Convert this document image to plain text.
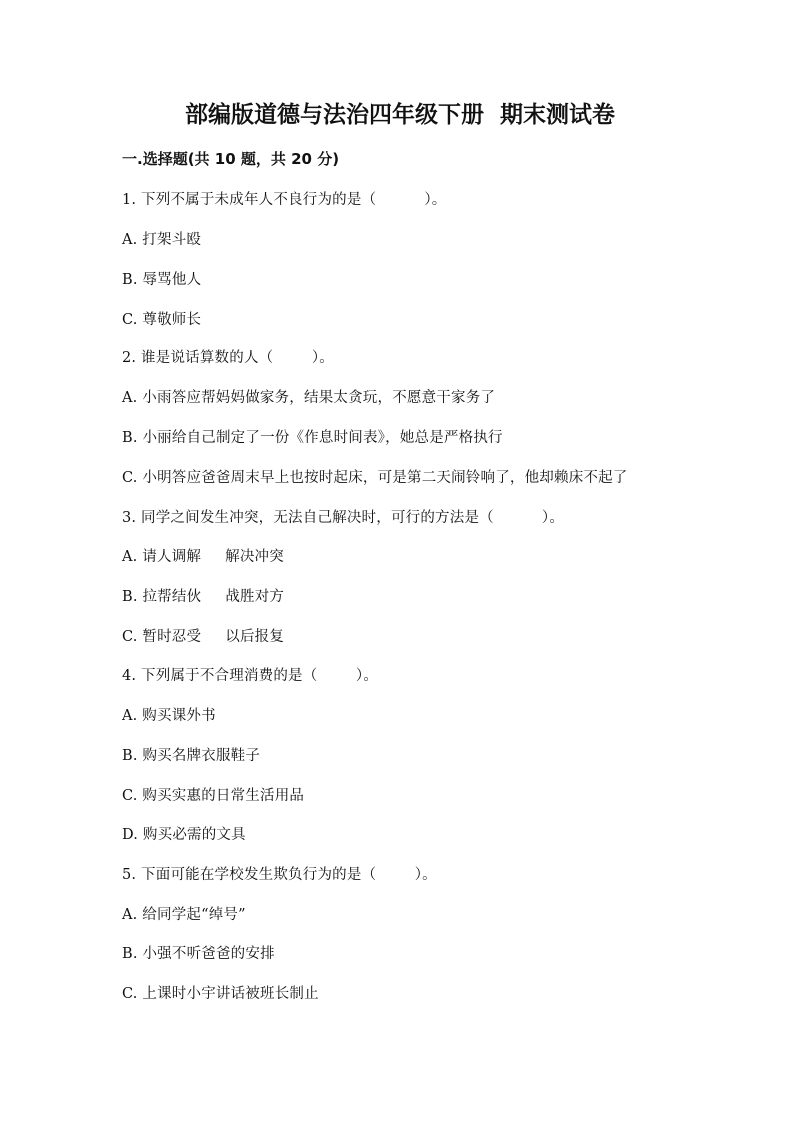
部编版道德与法治四年级下册  期末测试卷
一.选择题(共 10 题，共 20 分)
1. 下列不属于未成年人不良行为的是（          ）。
A. 打架斗殴
B. 辱骂他人
C. 尊敬师长
2. 谁是说话算数的人（        ）。
A. 小雨答应帮妈妈做家务，结果太贪玩，不愿意干家务了
B. 小丽给自己制定了一份《作息时间表》，她总是严格执行
C. 小明答应爸爸周末早上也按时起床，可是第二天闹铃响了，他却赖床不起了
3. 同学之间发生冲突，无法自己解决时，可行的方法是（          ）。
A. 请人调解     解决冲突
B. 拉帮结伙     战胜对方
C. 暂时忍受     以后报复
4. 下列属于不合理消费的是（        ）。
A. 购买课外书
B. 购买名牌衣服鞋子
C. 购买实惠的日常生活用品
D. 购买必需的文具
5. 下面可能在学校发生欺负行为的是（        ）。
A. 给同学起“绰号”
B. 小强不听爸爸的安排
C. 上课时小宇讲话被班长制止
